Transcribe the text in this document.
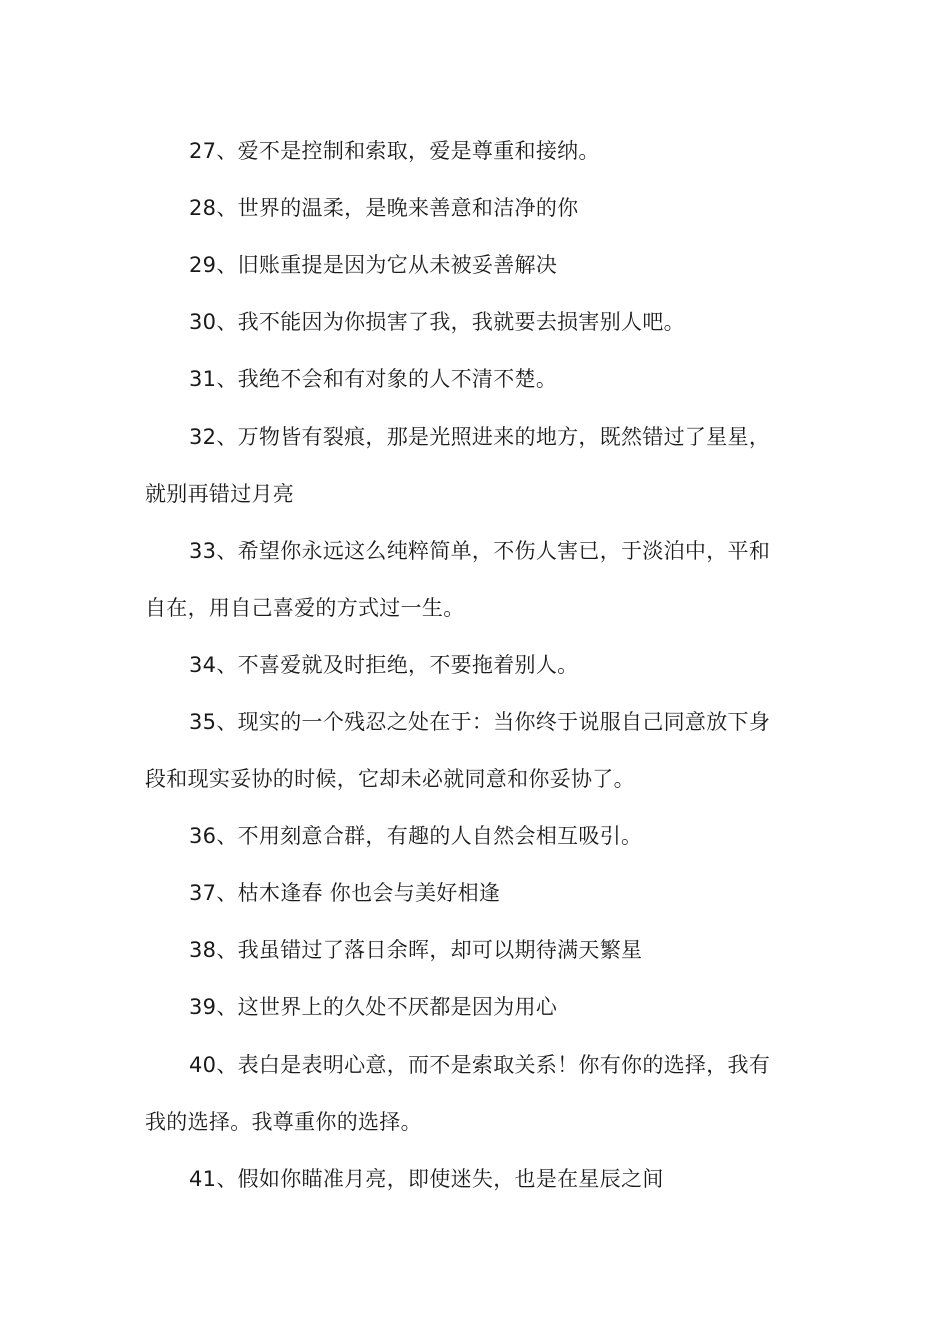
27、爱不是控制和索取，爱是尊重和接纳。
28、世界的温柔，是晚来善意和洁净的你
29、旧账重提是因为它从未被妥善解决
30、我不能因为你损害了我，我就要去损害别人吧。
31、我绝不会和有对象的人不清不楚。
32、万物皆有裂痕，那是光照进来的地方，既然错过了星星，
就别再错过月亮
33、希望你永远这么纯粹简单，不伤人害已，于淡泊中，平和
自在，用自己喜爱的方式过一生。
34、不喜爱就及时拒绝，不要拖着别人。
35、现实的一个残忍之处在于：当你终于说服自己同意放下身
段和现实妥协的时候，它却未必就同意和你妥协了。
36、不用刻意合群，有趣的人自然会相互吸引。
37、枯木逢春 你也会与美好相逢
38、我虽错过了落日余晖，却可以期待满天繁星
39、这世界上的久处不厌都是因为用心
40、表白是表明心意，而不是索取关系！你有你的选择，我有
我的选择。我尊重你的选择。
41、假如你瞄准月亮，即使迷失，也是在星辰之间
